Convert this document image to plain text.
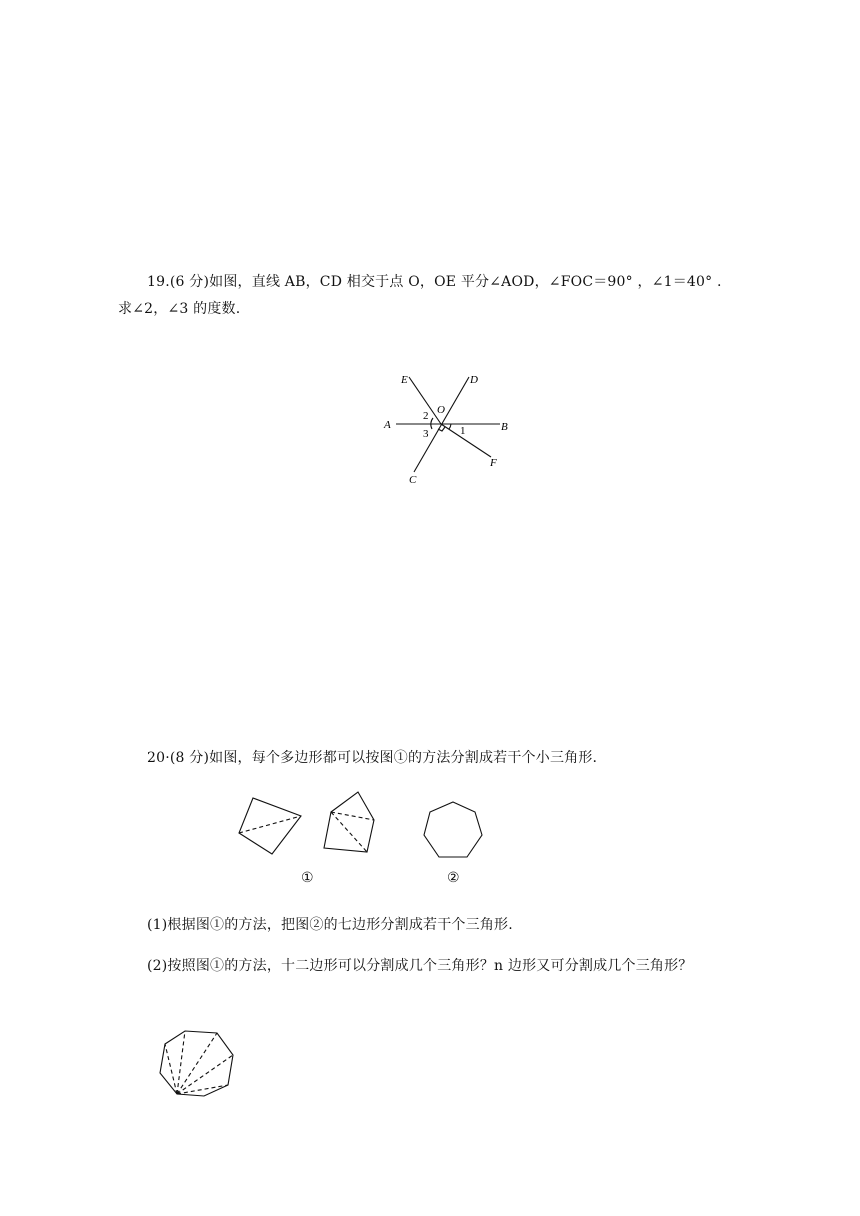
19.(6 分)如图，直线 AB，CD 相交于点 O，OE 平分∠AOD，∠FOC＝90° ，∠1＝40° .
求∠2，∠3 的度数.
E	D
O
A	B
C
F
1
2
3
20·(8 分)如图，每个多边形都可以按图①的方法分割成若干个小三角形.
①	②
(1)根据图①的方法，把图②的七边形分割成若干个三角形.
(2)按照图①的方法，十二边形可以分割成几个三角形？n 边形又可分割成几个三角形？
